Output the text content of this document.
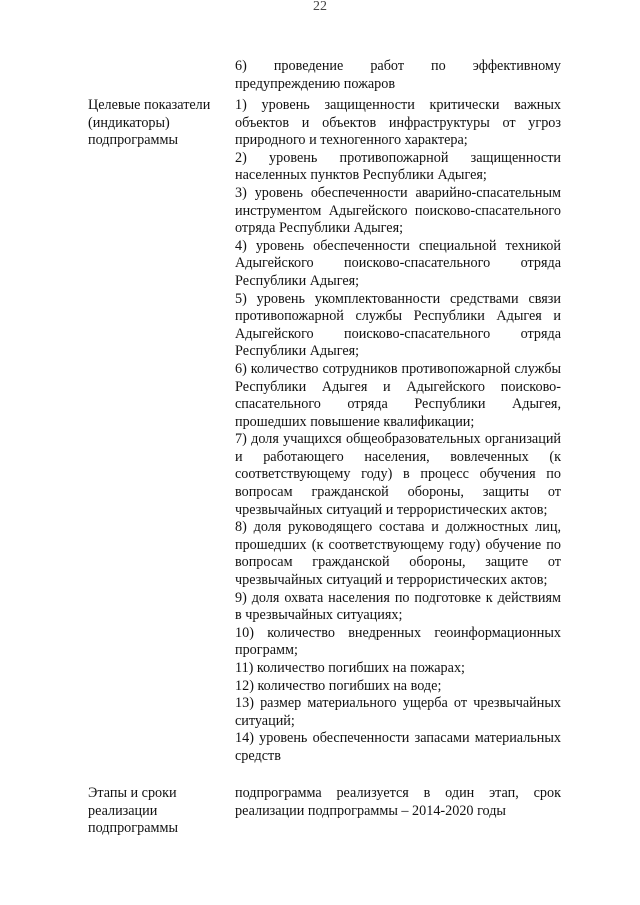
22
6) проведение работ по эффективному предупреждению пожаров
Целевые показатели (индикаторы) подпрограммы

1) уровень защищенности критически важных объектов и объектов инфраструктуры от угроз природного и техногенного характера;

2) уровень противопожарной защищенности населенных пунктов Республики Адыгея;

3) уровень обеспеченности аварийно-спасательным инструментом Адыгейского поисково-спасательного отряда Республики Адыгея;

4) уровень обеспеченности специальной техникой Адыгейского поисково-спасательного отряда Республики Адыгея;

5) уровень укомплектованности средствами связи противопожарной службы Республики Адыгея и Адыгейского поисково-спасательного отряда Республики Адыгея;

6) количество сотрудников противопожарной службы Республики Адыгея и Адыгейского поисково-спасательного отряда Республики Адыгея, прошедших повышение квалификации;

7) доля учащихся общеобразовательных организаций и работающего населения, вовлеченных (к соответствующему году) в процесс обучения по вопросам гражданской обороны, защиты от чрезвычайных ситуаций и террористических актов;

8) доля руководящего состава и должностных лиц, прошедших (к соответствующему году) обучение по вопросам гражданской обороны, защите от чрезвычайных ситуаций и террористических актов;

9) доля охвата населения по подготовке к действиям в чрезвычайных ситуациях;

10) количество внедренных геоинформационных программ;

11) количество погибших на пожарах;

12) количество погибших на воде;

13) размер материального ущерба от чрезвычайных ситуаций;

14) уровень обеспеченности запасами материальных средств

Этапы и сроки реализации подпрограммы
подпрограмма реализуется в один этап, срок реализации подпрограммы – 2014-2020 годы
